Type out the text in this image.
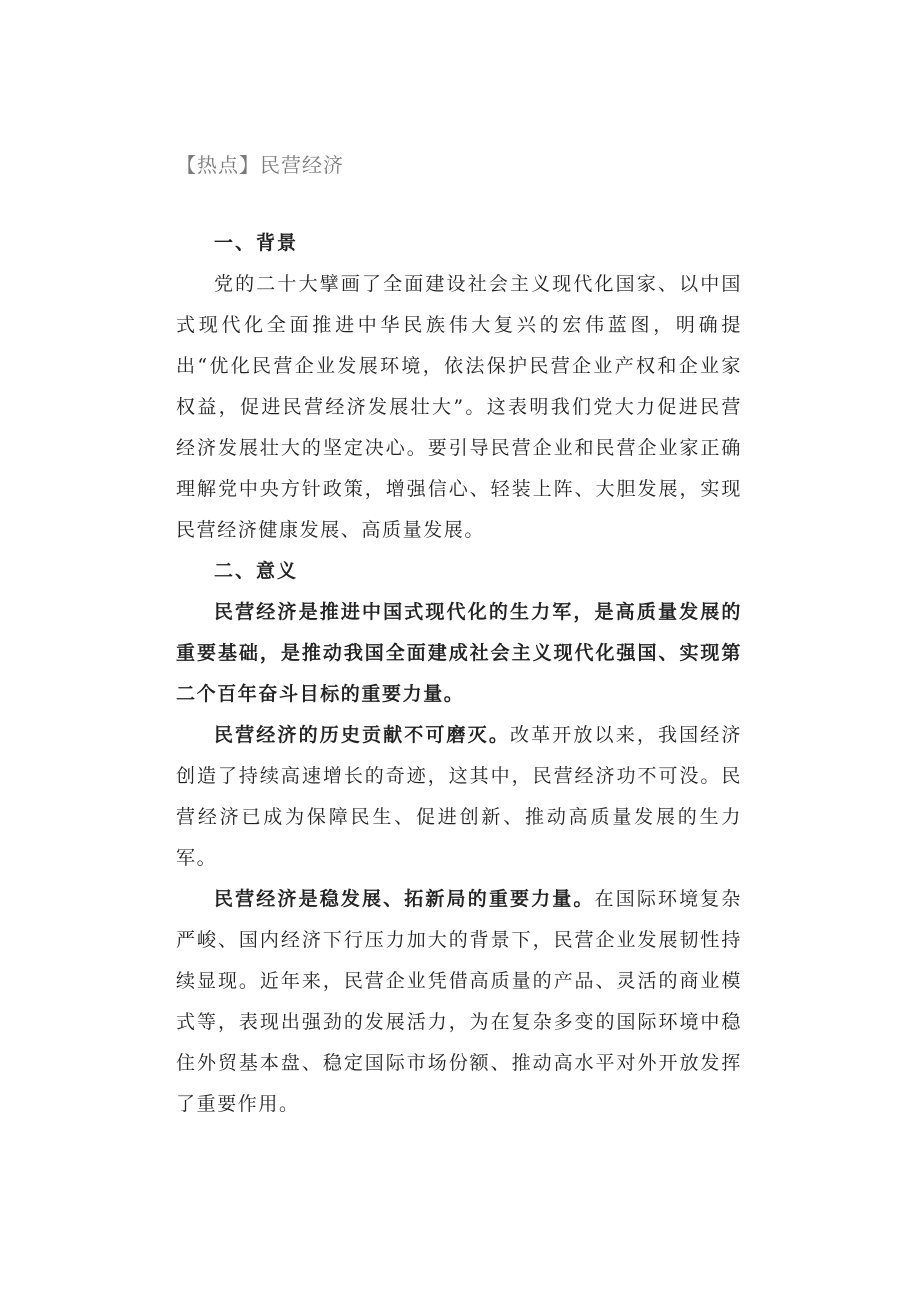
【热点】民营经济

一、背景

党的二十大擘画了全面建设社会主义现代化国家、以中国式现代化全面推进中华民族伟大复兴的宏伟蓝图，明确提出“优化民营企业发展环境，依法保护民营企业产权和企业家权益，促进民营经济发展壮大”。这表明我们党大力促进民营经济发展壮大的坚定决心。要引导民营企业和民营企业家正确理解党中央方针政策，增强信心、轻装上阵、大胆发展，实现民营经济健康发展、高质量发展。

二、意义

民营经济是推进中国式现代化的生力军，是高质量发展的重要基础，是推动我国全面建成社会主义现代化强国、实现第二个百年奋斗目标的重要力量。

民营经济的历史贡献不可磨灭。改革开放以来，我国经济创造了持续高速增长的奇迹，这其中，民营经济功不可没。民营经济已成为保障民生、促进创新、推动高质量发展的生力军。

民营经济是稳发展、拓新局的重要力量。在国际环境复杂严峻、国内经济下行压力加大的背景下，民营企业发展韧性持续显现。近年来，民营企业凭借高质量的产品、灵活的商业模式等，表现出强劲的发展活力，为在复杂多变的国际环境中稳住外贸基本盘、稳定国际市场份额、推动高水平对外开放发挥了重要作用。
